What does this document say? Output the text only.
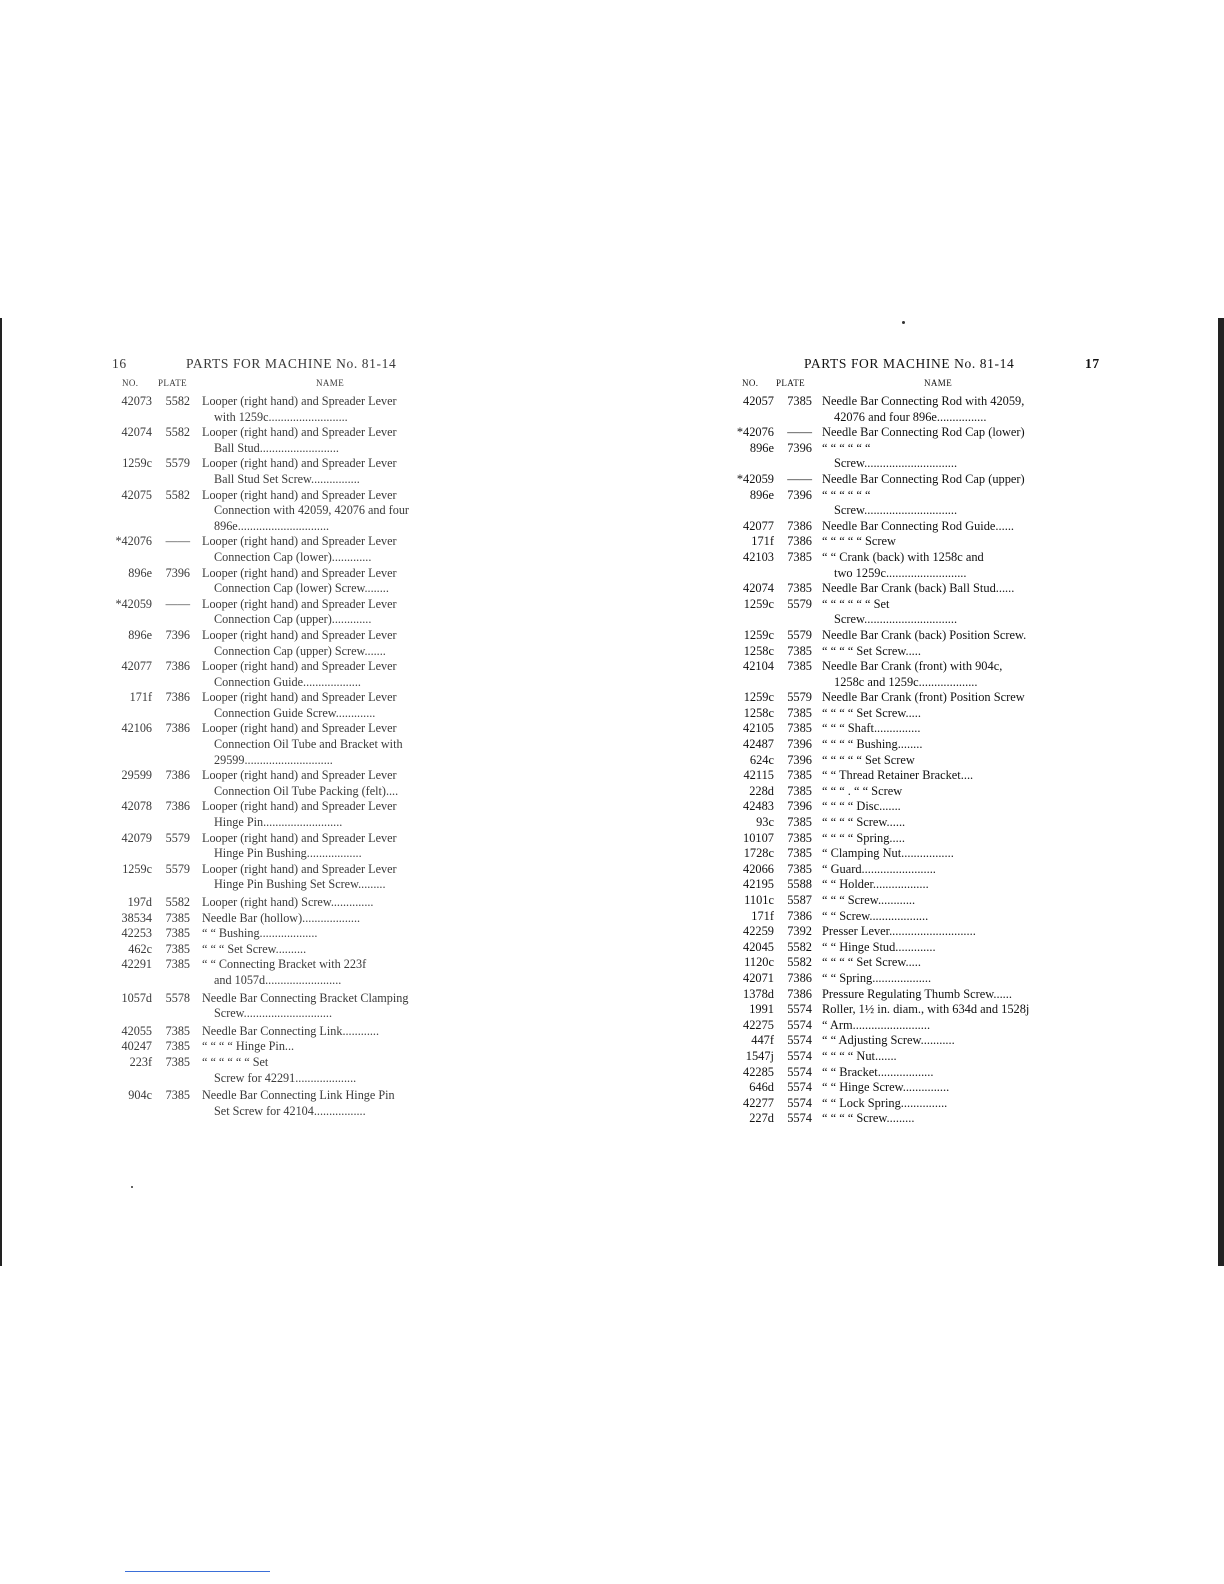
16	PARTS FOR MACHINE No. 81-14
NO. PLATE	NAME
42073	5582 Looper (right hand) and Spreader Lever
with 1259c..........................
42074	5582 Looper (right hand) and Spreader Lever
Ball Stud..........................
1259c	5579 Looper (right hand) and Spreader Lever
Ball Stud Set Screw................
42075	5582 Looper (right hand) and Spreader Lever
Connection with 42059, 42076 and four
896e..............................
*42076	—— Looper (right hand) and Spreader Lever
Connection Cap (lower).............
896e	7396 Looper (right hand) and Spreader Lever
Connection Cap (lower) Screw........
*42059	—— Looper (right hand) and Spreader Lever
Connection Cap (upper).............
896e	7396 Looper (right hand) and Spreader Lever
Connection Cap (upper) Screw.......
42077	7386 Looper (right hand) and Spreader Lever
Connection Guide...................
171f	7386 Looper (right hand) and Spreader Lever
Connection Guide Screw.............
42106	7386 Looper (right hand) and Spreader Lever
Connection Oil Tube and Bracket with
29599.............................
29599	7386 Looper (right hand) and Spreader Lever
Connection Oil Tube Packing (felt)....
42078	7386 Looper (right hand) and Spreader Lever
Hinge Pin..........................
42079	5579 Looper (right hand) and Spreader Lever
Hinge Pin Bushing..................
1259c	5579 Looper (right hand) and Spreader Lever
Hinge Pin Bushing Set Screw.........
197d	5582 Looper (right hand) Screw..............
38534	7385 Needle Bar (hollow)...................
42253	7385 “ “ Bushing...................
462c	7385 “ “ “ Set Screw..........
42291	7385 “ “ Connecting Bracket with 223f
and 1057d.........................
1057d	5578 Needle Bar Connecting Bracket Clamping
Screw.............................
42055	7385 Needle Bar Connecting Link............
40247	7385 “ “ “ “ Hinge Pin...
223f	7385 “ “ “ “ “ “ Set
Screw for 42291....................
904c	7385 Needle Bar Connecting Link Hinge Pin
Set Screw for 42104.................
PARTS FOR MACHINE No. 81-14	17
NO. PLATE	NAME
42057	7385 Needle Bar Connecting Rod with 42059,
42076 and four 896e................
*42076	—— Needle Bar Connecting Rod Cap (lower)
896e	7396 “ “ “ “ “ “
Screw..............................
*42059	—— Needle Bar Connecting Rod Cap (upper)
896e	7396 “ “ “ “ “ “
Screw..............................
42077	7386 Needle Bar Connecting Rod Guide......
171f	7386 “ “ “ “ “ Screw
42103	7385 “ “ Crank (back) with 1258c and
two 1259c..........................
42074	7385 Needle Bar Crank (back) Ball Stud......
1259c	5579 “ “ “ “ “ “ Set
Screw..............................
1259c	5579 Needle Bar Crank (back) Position Screw.
1258c	7385 “ “ “ “ Set Screw.....
42104	7385 Needle Bar Crank (front) with 904c,
1258c and 1259c...................
1259c	5579 Needle Bar Crank (front) Position Screw
1258c	7385 “ “ “ “ Set Screw.....
42105	7385 “ “ “ Shaft...............
42487	7396 “ “ “ “ Bushing........
624c	7396 “ “ “ “ “ Set Screw
42115	7385 “ “ Thread Retainer Bracket....
228d	7385 “ “ “ . “ “ Screw
42483	7396 “ “ “ “ Disc.......
93c	7385 “ “ “ “ Screw......
10107	7385 “ “ “ “ Spring.....
1728c	7385 “ Clamping Nut.................
42066	7385 “ Guard........................
42195	5588 “ “ Holder..................
1101c	5587 “ “ “ Screw............
171f	7386 “ “ Screw...................
42259	7392 Presser Lever............................
42045	5582 “ “ Hinge Stud.............
1120c	5582 “ “ “ “ Set Screw.....
42071	7386 “ “ Spring...................
1378d	7386 Pressure Regulating Thumb Screw......
1991	5574 Roller, 1½ in. diam., with 634d and 1528j
42275	5574 “ Arm.........................
447f	5574 “ “ Adjusting Screw...........
1547j	5574 “ “ “ “ Nut.......
42285	5574 “ “ Bracket..................
646d	5574 “ “ Hinge Screw...............
42277	5574 “ “ Lock Spring...............
227d	5574 “ “ “ “ Screw.........
